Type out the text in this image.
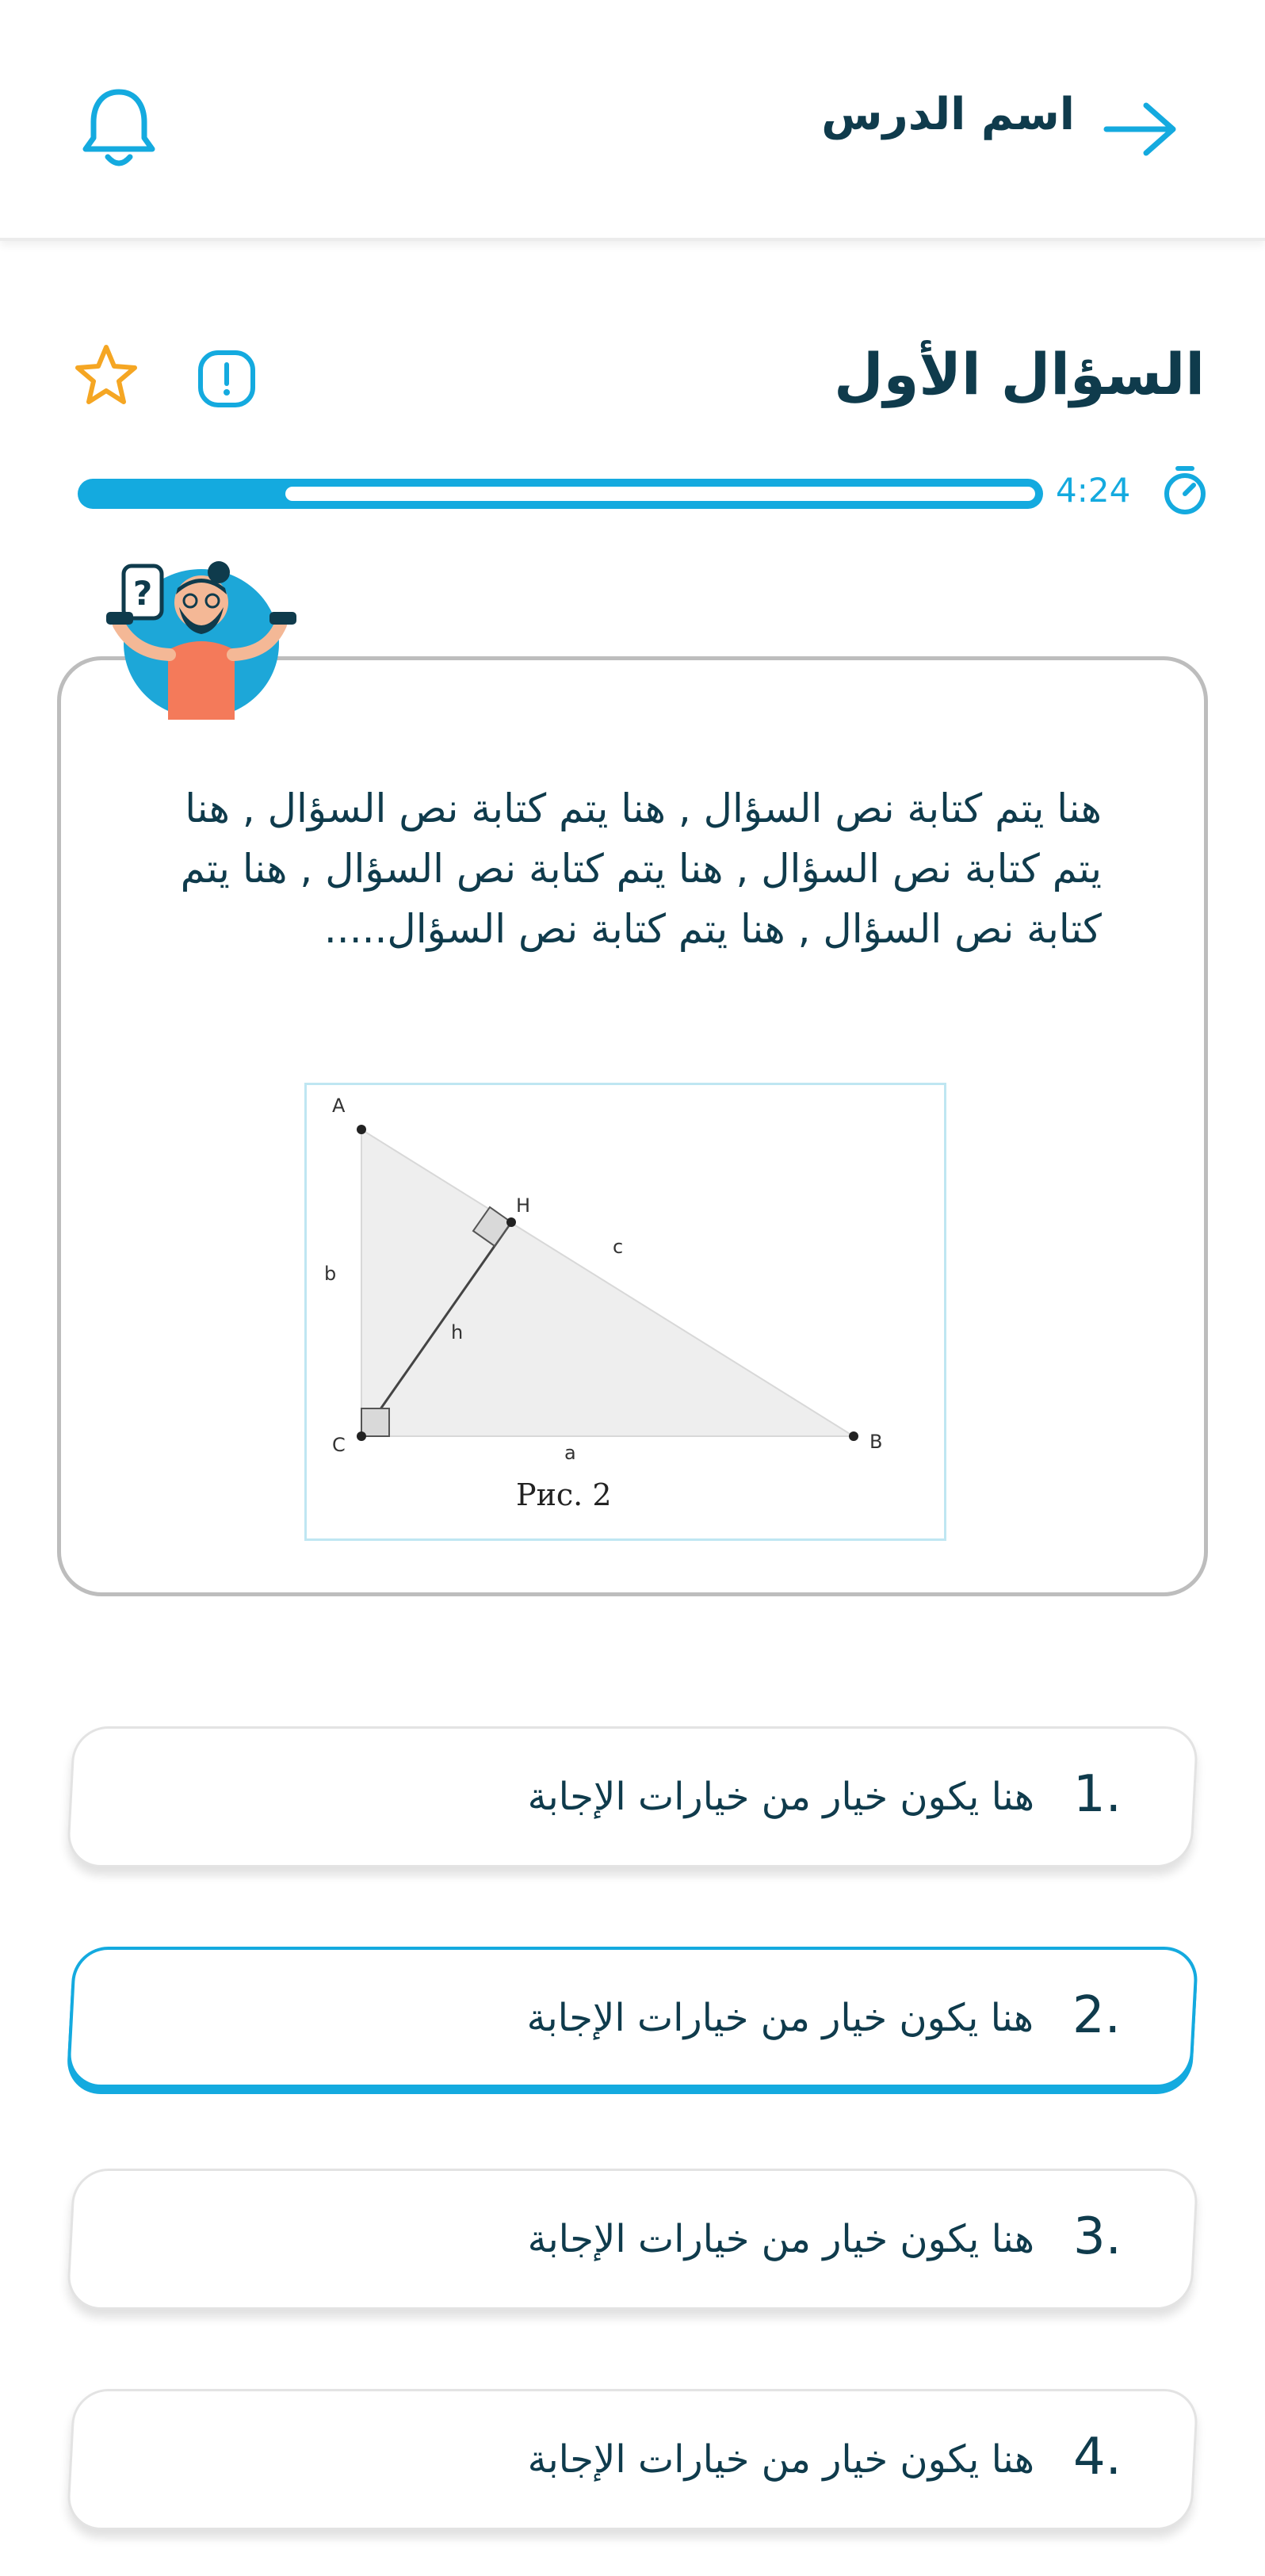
اسم الدرس
السؤال الأول
4:24
?
هنا يتم كتابة نص السؤال , هنا يتم كتابة نص السؤال , هنا يتم كتابة نص السؤال , هنا يتم كتابة نص السؤال , هنا يتم كتابة نص السؤال , هنا يتم كتابة نص السؤال.....
A
C	B
H
a
b
c
h
Рис. 2
1.
هنا يكون خيار من خيارات الإجابة
2.
هنا يكون خيار من خيارات الإجابة
3.
هنا يكون خيار من خيارات الإجابة
4.
هنا يكون خيار من خيارات الإجابة
